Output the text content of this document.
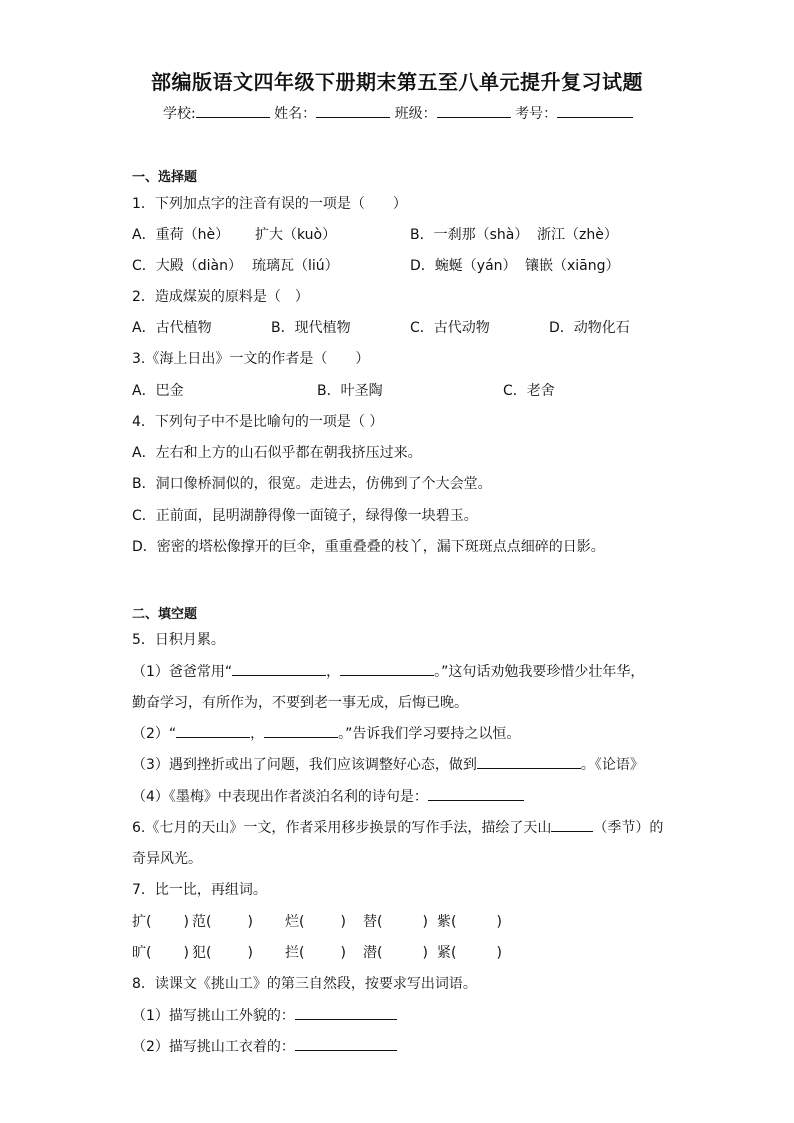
部编版语文四年级下册期末第五至八单元提升复习试题
学校:	姓名：	班级：	考号：
一、选择题
1．下列加点字的注音有误的一项是（　　）
A．重荷（hè） 扩大（kuò）	B．一刹那（shà） 浙江（zhè）
C．大殿（diàn） 琉璃瓦（liú）	D．蜿蜒（yán） 镶嵌（xiāng）
2．造成煤炭的原料是（　）
A．古代植物	B．现代植物	C．古代动物	D．动物化石
3.《海上日出》一文的作者是（　　）
A．巴金	B．叶圣陶	C．老舍
4．下列句子中不是比喻句的一项是（ ）
A．左右和上方的山石似乎都在朝我挤压过来。
B．洞口像桥洞似的，很宽。走进去，仿佛到了个大会堂。
C．正前面，昆明湖静得像一面镜子，绿得像一块碧玉。
D．密密的塔松像撑开的巨伞，重重叠叠的枝丫，漏下斑斑点点细碎的日影。
二、填空题
5．日积月累。
（1）爸爸常用“	，	。”这句话劝勉我要珍惜少壮年华，
勤奋学习，有所作为，不要到老一事无成，后悔已晚。
（2）“	，	。”告诉我们学习要持之以恒。
（3）遇到挫折或出了问题，我们应该调整好心态，做到	。《论语》
（4）《墨梅》中表现出作者淡泊名利的诗句是：
6.《七月的天山》一文，作者采用移步换景的写作手法，描绘了天山	（季节）的
奇异风光。
7．比一比，再组词。
扩( ) 范(	) 烂(	) 替(	) 紫(	)
旷( ) 犯(	) 拦(	) 潜(	) 紧(	)
8．读课文《挑山工》的第三自然段，按要求写出词语。
（1）描写挑山工外貌的：
（2）描写挑山工衣着的：
